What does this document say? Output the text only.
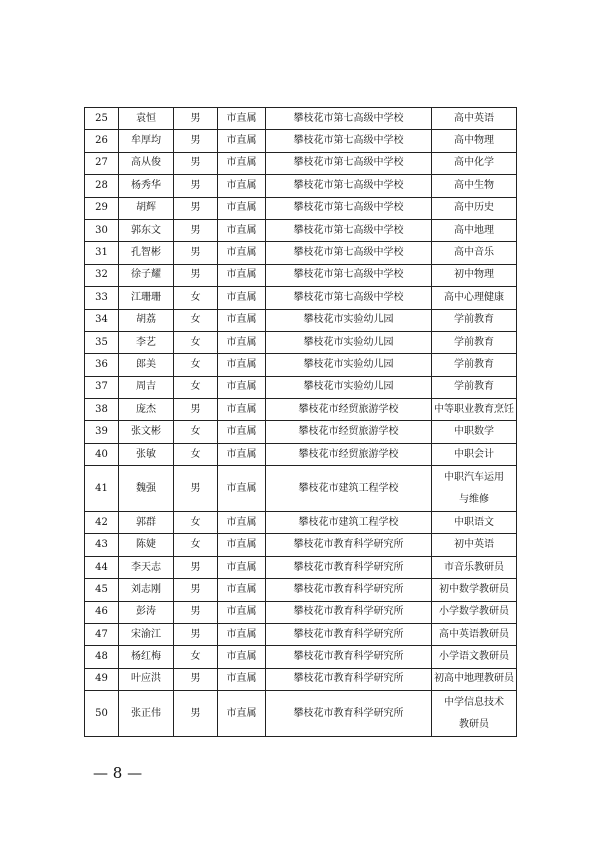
25	袁恒	男	市直属	攀枝花市第七高级中学校	高中英语
26	牟厚均	男	市直属	攀枝花市第七高级中学校	高中物理
27	高从俊	男	市直属	攀枝花市第七高级中学校	高中化学
28	杨秀华	男	市直属	攀枝花市第七高级中学校	高中生物
29	胡辉	男	市直属	攀枝花市第七高级中学校	高中历史
30	郭东文	男	市直属	攀枝花市第七高级中学校	高中地理
31	孔智彬	男	市直属	攀枝花市第七高级中学校	高中音乐
32	徐子耀	男	市直属	攀枝花市第七高级中学校	初中物理
33	江珊珊	女	市直属	攀枝花市第七高级中学校	高中心理健康
34	胡荔	女	市直属	攀枝花市实验幼儿园	学前教育
35	李艺	女	市直属	攀枝花市实验幼儿园	学前教育
36	郎美	女	市直属	攀枝花市实验幼儿园	学前教育
37	周吉	女	市直属	攀枝花市实验幼儿园	学前教育
38	庞杰	男	市直属	攀枝花市经贸旅游学校	中等职业教育烹饪
39	张文彬	女	市直属	攀枝花市经贸旅游学校	中职数学
40	张敏	女	市直属	攀枝花市经贸旅游学校	中职会计
41	魏强	男	市直属	攀枝花市建筑工程学校	中职汽车运用
与维修

42	郭群	女	市直属	攀枝花市建筑工程学校	中职语文
43	陈婕	女	市直属	攀枝花市教育科学研究所	初中英语
44	李天志	男	市直属	攀枝花市教育科学研究所	市音乐教研员
45	刘志刚	男	市直属	攀枝花市教育科学研究所	初中数学教研员
46	彭涛	男	市直属	攀枝花市教育科学研究所	小学数学教研员
47	宋渝江	男	市直属	攀枝花市教育科学研究所	高中英语教研员
48	杨红梅	女	市直属	攀枝花市教育科学研究所	小学语文教研员
49	叶应洪	男	市直属	攀枝花市教育科学研究所	初高中地理教研员
50	张正伟	男	市直属	攀枝花市教育科学研究所	中学信息技术
教研员
— 8 —
